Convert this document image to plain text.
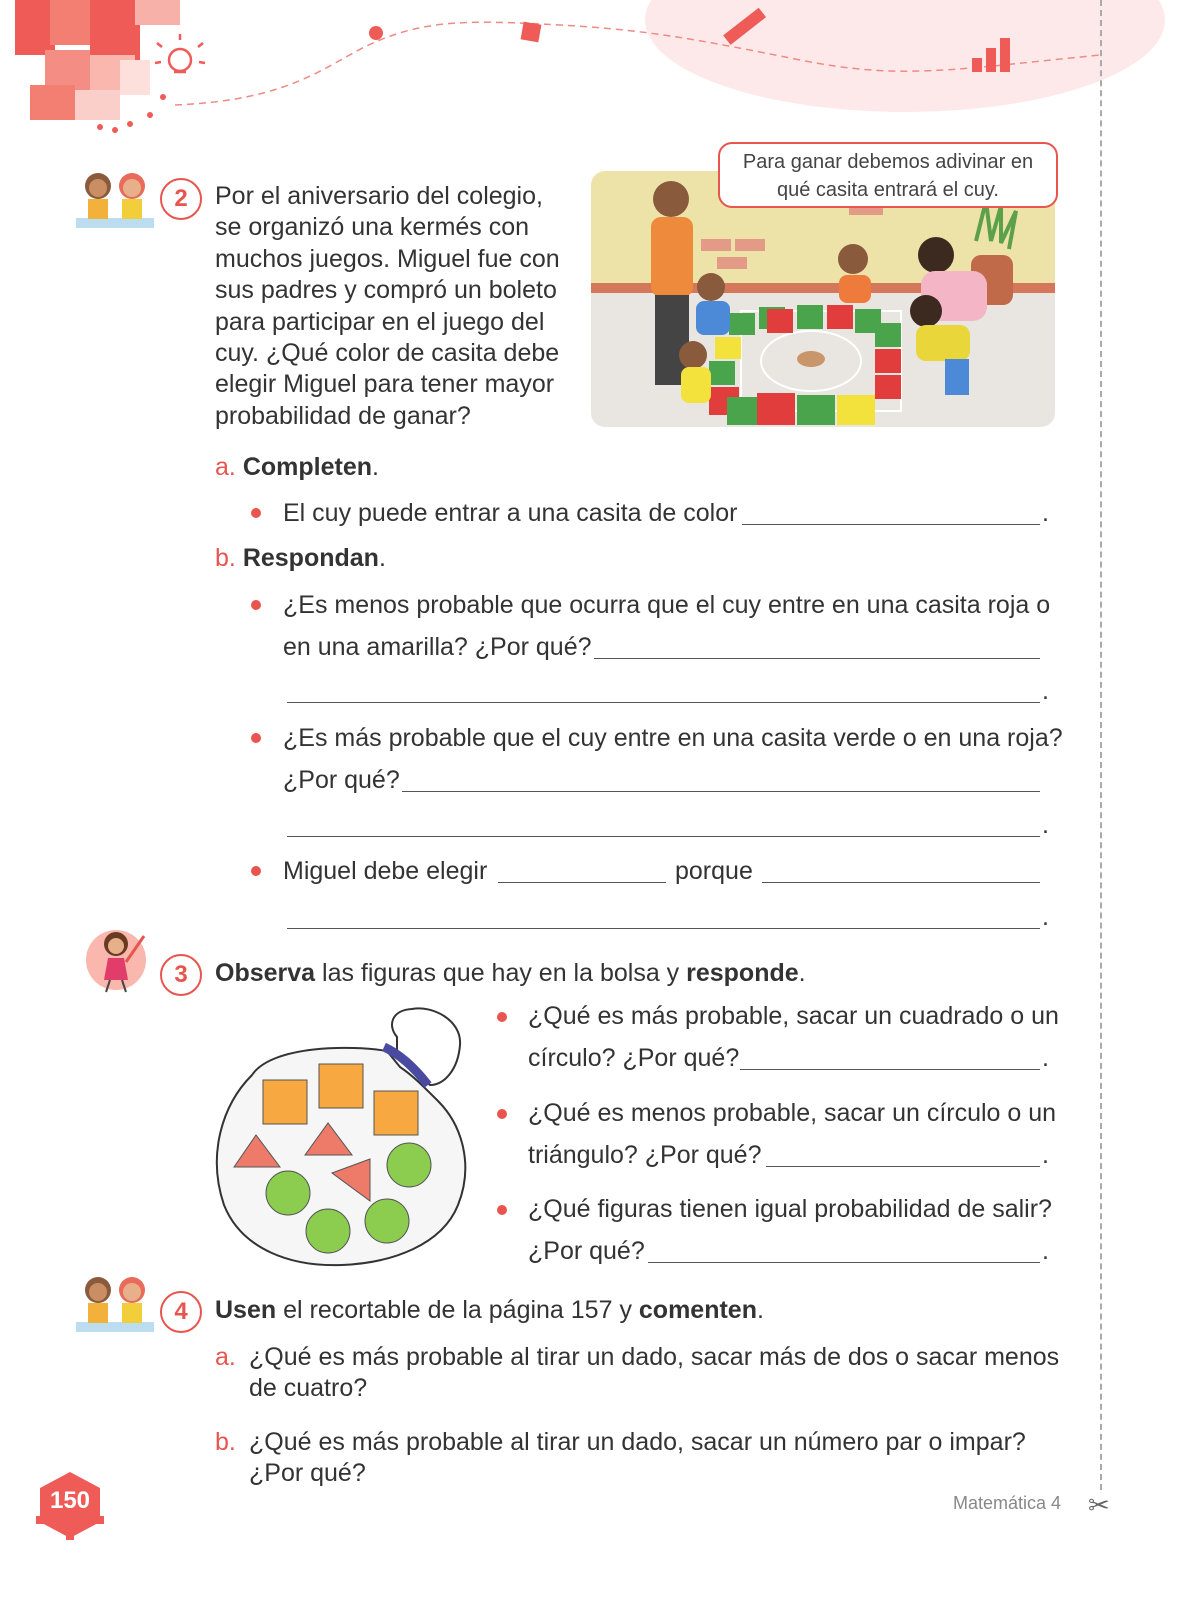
✂
2	Por el aniversario del colegio,
se organizó una kermés con
muchos juegos. Miguel fue con
sus padres y compró un boleto
para participar en el juego del
cuy. ¿Qué color de casita debe
elegir Miguel para tener mayor
probabilidad de ganar?
Para ganar debemos adivinar en
qué casita entrará el cuy.
a. Completen.
El cuy puede entrar a una casita de color	.
b. Respondan.
¿Es menos probable que ocurra que el cuy entre en una casita roja o
en una amarilla? ¿Por qué?
.
¿Es más probable que el cuy entre en una casita verde o en una roja?
¿Por qué?
.
Miguel debe elegir	porque
.
3	Observa las figuras que hay en la bolsa y responde.
¿Qué es más probable, sacar un cuadrado o un
círculo? ¿Por qué?	.
¿Qué es menos probable, sacar un círculo o un
triángulo? ¿Por qué?	.
¿Qué figuras tienen igual probabilidad de salir?
¿Por qué?	.
4	Usen el recortable de la página 157 y comenten.
a. ¿Qué es más probable al tirar un dado, sacar más de dos o sacar menos
de cuatro?
b. ¿Qué es más probable al tirar un dado, sacar un número par o impar?
¿Por qué?
150	Matemática 4
